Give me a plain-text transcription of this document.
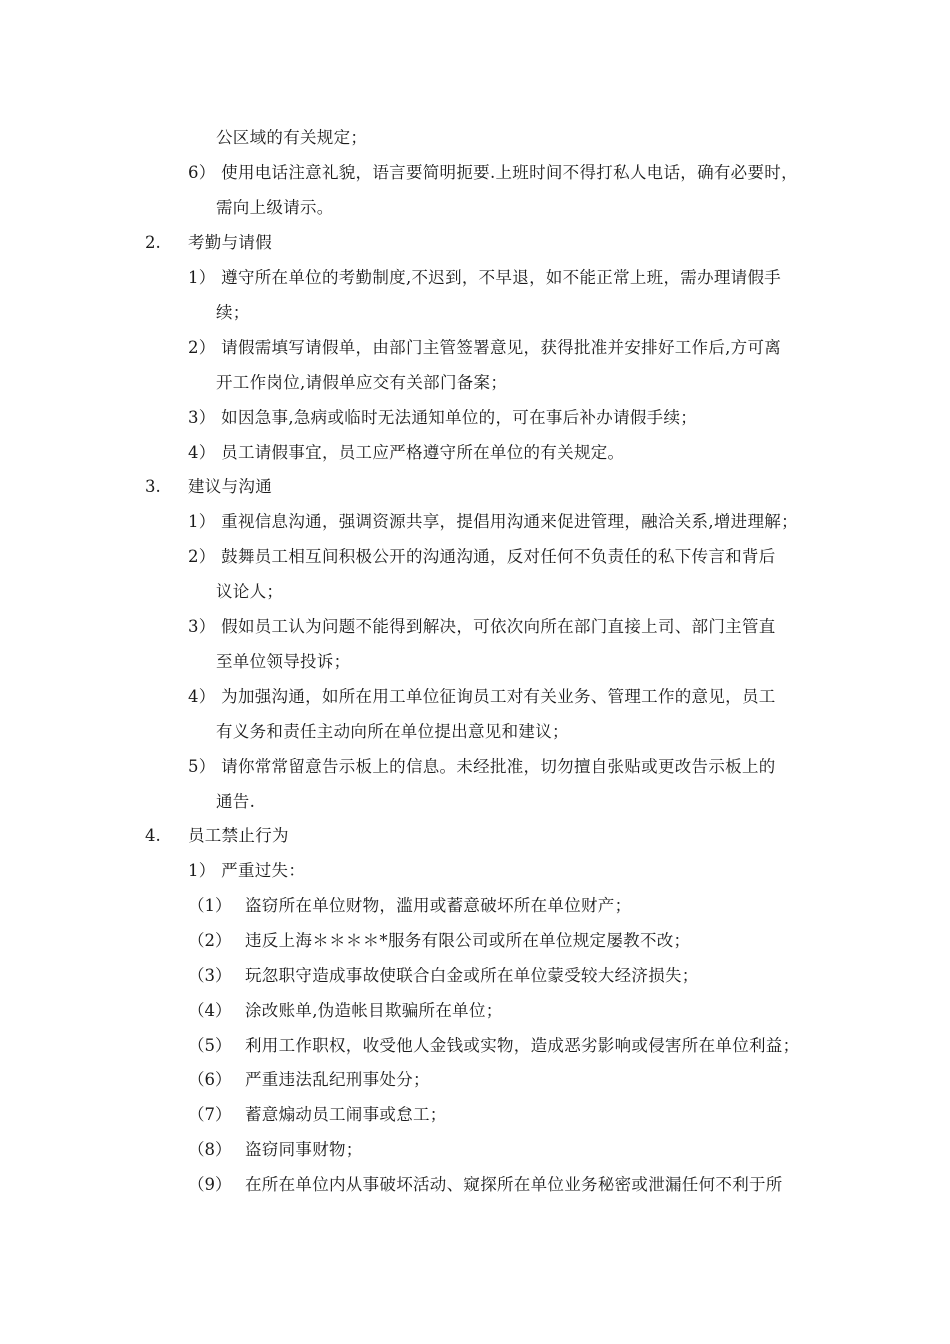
公区域的有关规定；
6） 使用电话注意礼貌，语言要简明扼要.上班时间不得打私人电话，确有必要时，
需向上级请示。
2. 考勤与请假
1） 遵守所在单位的考勤制度,不迟到，不早退，如不能正常上班，需办理请假手
续；
2） 请假需填写请假单，由部门主管签署意见，获得批准并安排好工作后,方可离
开工作岗位,请假单应交有关部门备案；
3） 如因急事,急病或临时无法通知单位的，可在事后补办请假手续；
4） 员工请假事宜，员工应严格遵守所在单位的有关规定。
3. 建议与沟通
1） 重视信息沟通，强调资源共享，提倡用沟通来促进管理，融洽关系,增进理解；
2） 鼓舞员工相互间积极公开的沟通沟通，反对任何不负责任的私下传言和背后
议论人；
3） 假如员工认为问题不能得到解决，可依次向所在部门直接上司、部门主管直
至单位领导投诉；
4） 为加强沟通，如所在用工单位征询员工对有关业务、管理工作的意见，员工
有义务和责任主动向所在单位提出意见和建议；
5） 请你常常留意告示板上的信息。未经批准，切勿擅自张贴或更改告示板上的
通告.
4. 员工禁止行为
1） 严重过失：
（1） 盗窃所在单位财物，滥用或蓄意破坏所在单位财产；
（2） 违反上海＊＊＊＊*服务有限公司或所在单位规定屡教不改；
（3） 玩忽职守造成事故使联合白金或所在单位蒙受较大经济损失；
（4） 涂改账单,伪造帐目欺骗所在单位；
（5） 利用工作职权，收受他人金钱或实物，造成恶劣影响或侵害所在单位利益；
（6） 严重违法乱纪刑事处分；
（7） 蓄意煽动员工闹事或怠工；
（8） 盗窃同事财物；
（9） 在所在单位内从事破坏活动、窥探所在单位业务秘密或泄漏任何不利于所
